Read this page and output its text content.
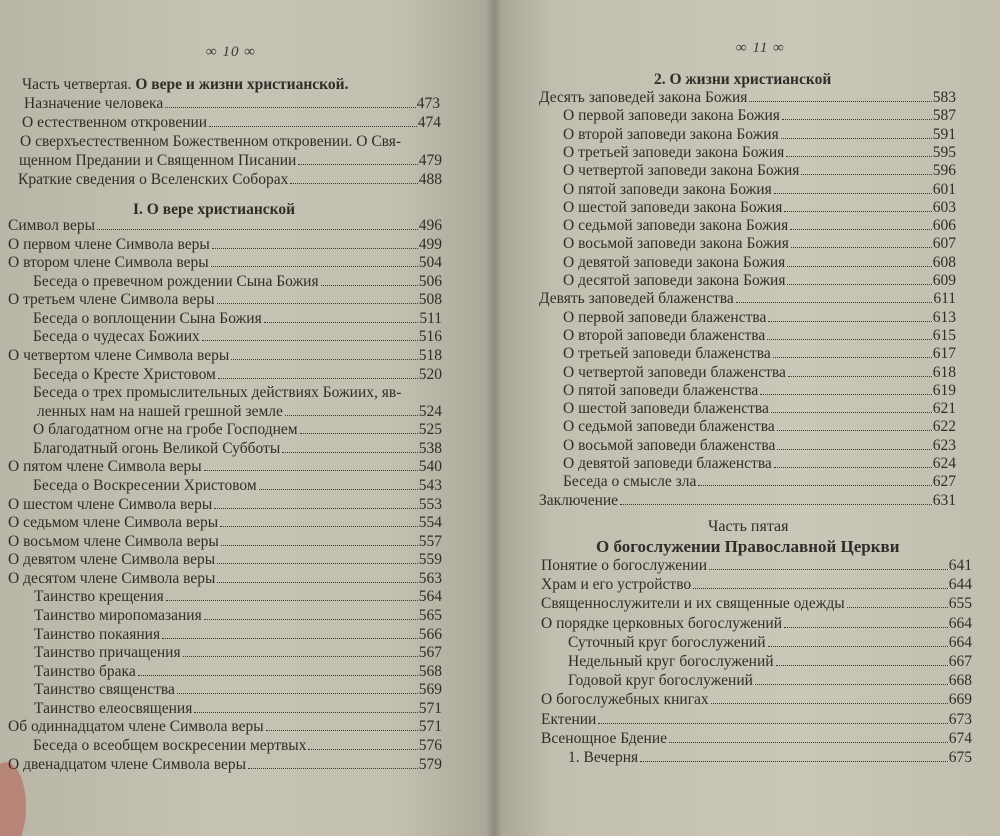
∞ 10 ∞
Часть четвертая. О вере и жизни христианской.
Назначение человека	473
О естественном откровении	474
О сверхъестественном Божественном откровении. О Свя-
щенном Предании и Священном Писании	479
Краткие сведения о Вселенских Соборах	488
I. О вере христианской
Символ веры	496
О первом члене Символа веры	499
О втором члене Символа веры	504
Беседа о превечном рождении Сына Божия	506
О третьем члене Символа веры	508
Беседа о воплощении Сына Божия	511
Беседа о чудесах Божиих	516
О четвертом члене Символа веры	518
Беседа о Кресте Христовом	520
Беседа о трех промыслительных действиях Божиих, яв-
ленных нам на нашей грешной земле	524
О благодатном огне на гробе Господнем	525
Благодатный огонь Великой Субботы	538
О пятом члене Символа веры	540
Беседа о Воскресении Христовом	543
О шестом члене Символа веры	553
О седьмом члене Символа веры	554
О восьмом члене Символа веры	557
О девятом члене Символа веры	559
О десятом члене Символа веры	563
Таинство крещения	564
Таинство миропомазания	565
Таинство покаяния	566
Таинство причащения	567
Таинство брака	568
Таинство священства	569
Таинство елеосвящения	571
Об одиннадцатом члене Символа веры	571
Беседа о всеобщем воскресении мертвых	576
О двенадцатом члене Символа веры	579
∞ 11 ∞
2. О жизни христианской
Десять заповедей закона Божия	583
О первой заповеди закона Божия	587
О второй заповеди закона Божия	591
О третьей заповеди закона Божия	595
О четвертой заповеди закона Божия	596
О пятой заповеди закона Божия	601
О шестой заповеди закона Божия	603
О седьмой заповеди закона Божия	606
О восьмой заповеди закона Божия	607
О девятой заповеди закона Божия	608
О десятой заповеди закона Божия	609
Девять заповедей блаженства	611
О первой заповеди блаженства	613
О второй заповеди блаженства	615
О третьей заповеди блаженства	617
О четвертой заповеди блаженства	618
О пятой заповеди блаженства	619
О шестой заповеди блаженства	621
О седьмой заповеди блаженства	622
О восьмой заповеди блаженства	623
О девятой заповеди блаженства	624
Беседа о смысле зла	627
Заключение	631
Часть пятая
О богослужении Православной Церкви
Понятие о богослужении	641
Храм и его устройство	644
Священнослужители и их священные одежды	655
О порядке церковных богослужений	664
Суточный круг богослужений	664
Недельный круг богослужений	667
Годовой круг богослужений	668
О богослужебных книгах	669
Ектении	673
Всенощное Бдение	674
1. Вечерня	675
